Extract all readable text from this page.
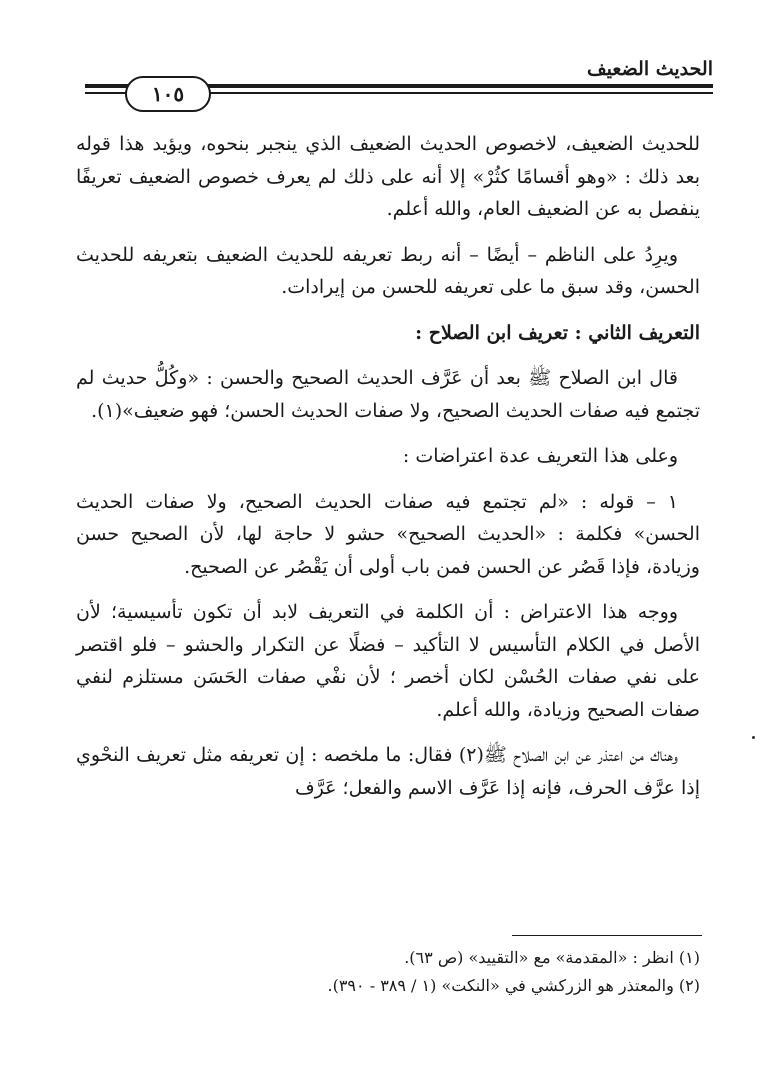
الحديث الضعيف
١٠٥

للحديث الضعيف، لاخصوص الحديث الضعيف الذي ينجبر بنحوه، ويؤيد هذا قوله بعد ذلك : «وهو أقسامًا كثُرْ» إلا أنه على ذلك لم يعرف خصوص الضعيف تعريفًا ينفصل به عن الضعيف العام، والله أعلم.

ويرِدُ على الناظم – أيضًا – أنه ربط تعريفه للحديث الضعيف بتعريفه للحديث الحسن، وقد سبق ما على تعريفه للحسن من إيرادات.

التعريف الثاني : تعريف ابن الصلاح :

قال ابن الصلاح ﷺ بعد أن عَرَّف الحديث الصحيح والحسن : «وكُلُّ حديث لم تجتمع فيه صفات الحديث الصحيح، ولا صفات الحديث الحسن؛ فهو ضعيف»(١).

وعلى هذا التعريف عدة اعتراضات :

١ – قوله : «لم تجتمع فيه صفات الحديث الصحيح، ولا صفات الحديث الحسن» فكلمة : «الحديث الصحيح» حشو لا حاجة لها، لأن الصحيح حسن وزيادة، فإذا قَصُر عن الحسن فمن باب أولى أن يَقْصُر عن الصحيح.

ووجه هذا الاعتراض : أن الكلمة في التعريف لابد أن تكون تأسيسية؛ لأن الأصل في الكلام التأسيس لا التأكيد – فضلًا عن التكرار والحشو – فلو اقتصر على نفي صفات الحُسْن لكان أخصر ؛ لأن نفْي صفات الحَسَن مستلزم لنفي صفات الصحيح وزيادة، والله أعلم.

وهناك من اعتذر عن ابن الصلاح ﷺ(٢) فقال: ما ملخصه : إن تعريفه مثل تعريف النحْوي إذا عرَّف الحرف، فإنه إذا عَرَّف الاسم والفعل؛ عَرَّف

(١) انظر : «المقدمة» مع «التقييد» (ص ٦٣).

(٢) والمعتذر هو الزركشي في «النكت» (١ / ٣٨٩ - ٣٩٠).
